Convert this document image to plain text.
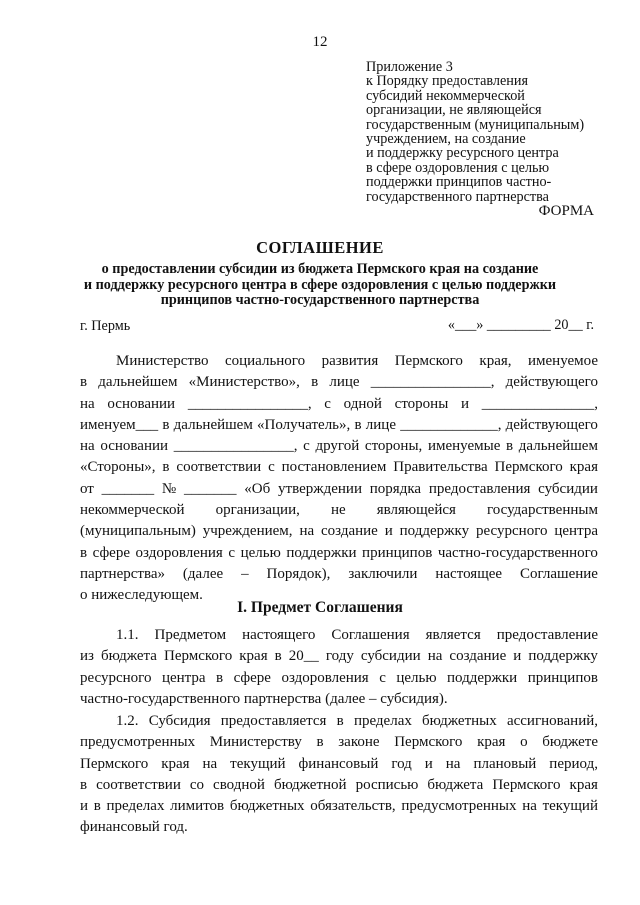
12
Приложение 3
к Порядку предоставления
субсидий некоммерческой
организации, не являющейся
государственным (муниципальным)
учреждением, на создание
и поддержку ресурсного центра
в сфере оздоровления с целью
поддержки принципов частно-
государственного партнерства
ФОРМА
СОГЛАШЕНИЕ
о предоставлении субсидии из бюджета Пермского края на создание
и поддержку ресурсного центра в сфере оздоровления с целью поддержки
принципов частно-государственного партнерства
г. Пермь	«___» _________ 20__ г.
Министерство социального развития Пермского края, именуемое
в дальнейшем «Министерство», в лице ________________, действующего
на основании ________________, с одной стороны и _______________,
именуем___ в дальнейшем «Получатель», в лице _____________, действующего
на основании ________________, с другой стороны, именуемые в дальнейшем
«Стороны», в соответствии с постановлением Правительства Пермского края
от _______ № _______ «Об утверждении порядка предоставления субсидии
некоммерческой организации, не являющейся государственным
(муниципальным) учреждением, на создание и поддержку ресурсного центра
в сфере оздоровления с целью поддержки принципов частно-государственного
партнерства» (далее – Порядок), заключили настоящее Соглашение
о нижеследующем.
I. Предмет Соглашения
1.1. Предметом настоящего Соглашения является предоставление
из бюджета Пермского края в 20__ году субсидии на создание и поддержку
ресурсного центра в сфере оздоровления с целью поддержки принципов
частно-государственного партнерства (далее – субсидия).
1.2. Субсидия предоставляется в пределах бюджетных ассигнований,
предусмотренных Министерству в законе Пермского края о бюджете
Пермского края на текущий финансовый год и на плановый период,
в соответствии со сводной бюджетной росписью бюджета Пермского края
и в пределах лимитов бюджетных обязательств, предусмотренных на текущий
финансовый год.
